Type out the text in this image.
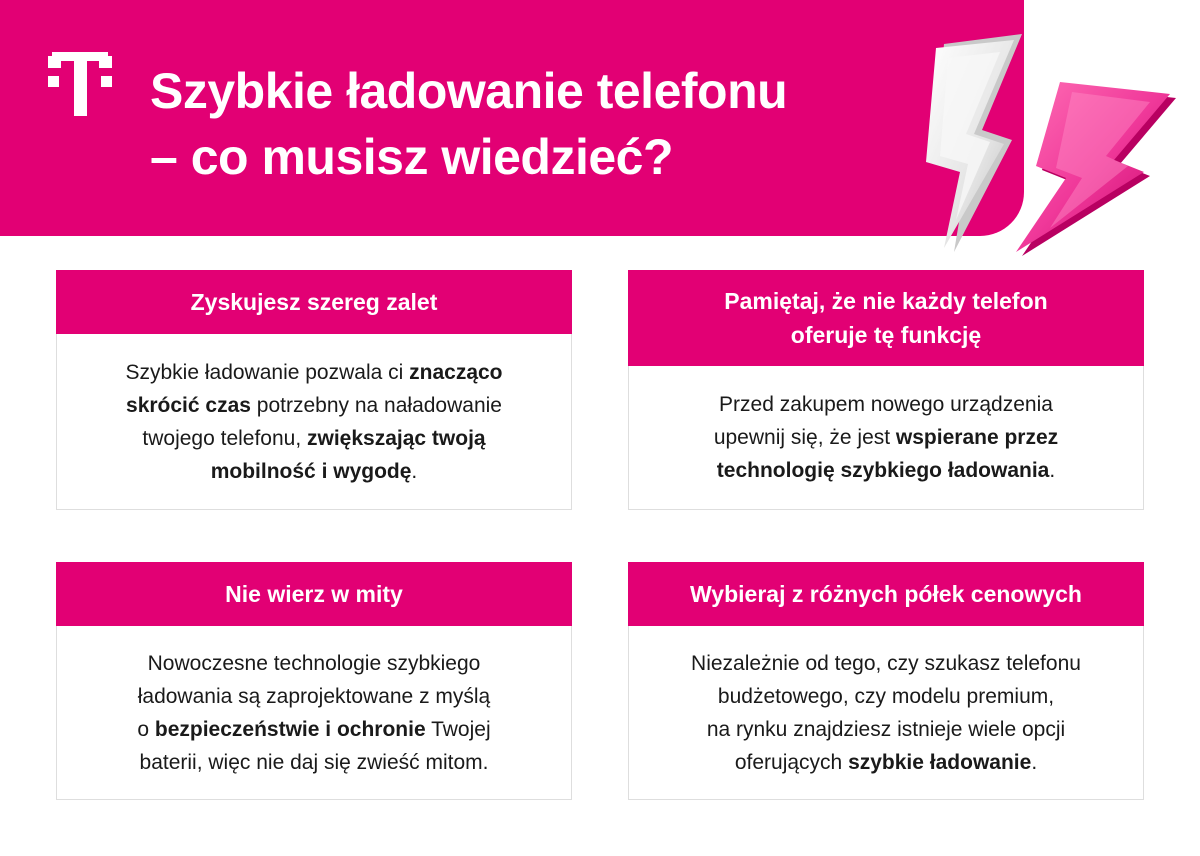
Szybkie ładowanie telefonu
– co musisz wiedzieć?
Zyskujesz szereg zalet

Szybkie ładowanie pozwala ci znacząco
skrócić czas potrzebny na naładowanie
twojego telefonu, zwiększając twoją
mobilność i wygodę.

Pamiętaj, że nie każdy telefon
oferuje tę funkcję

Przed zakupem nowego urządzenia
upewnij się, że jest wspierane przez
technologię szybkiego ładowania.

Nie wierz w mity

Nowoczesne technologie szybkiego
ładowania są zaprojektowane z myślą
o bezpieczeństwie i ochronie Twojej
baterii, więc nie daj się zwieść mitom.

Wybieraj z różnych półek cenowych

Niezależnie od tego, czy szukasz telefonu
budżetowego, czy modelu premium,
na rynku znajdziesz istnieje wiele opcji
oferujących szybkie ładowanie.
